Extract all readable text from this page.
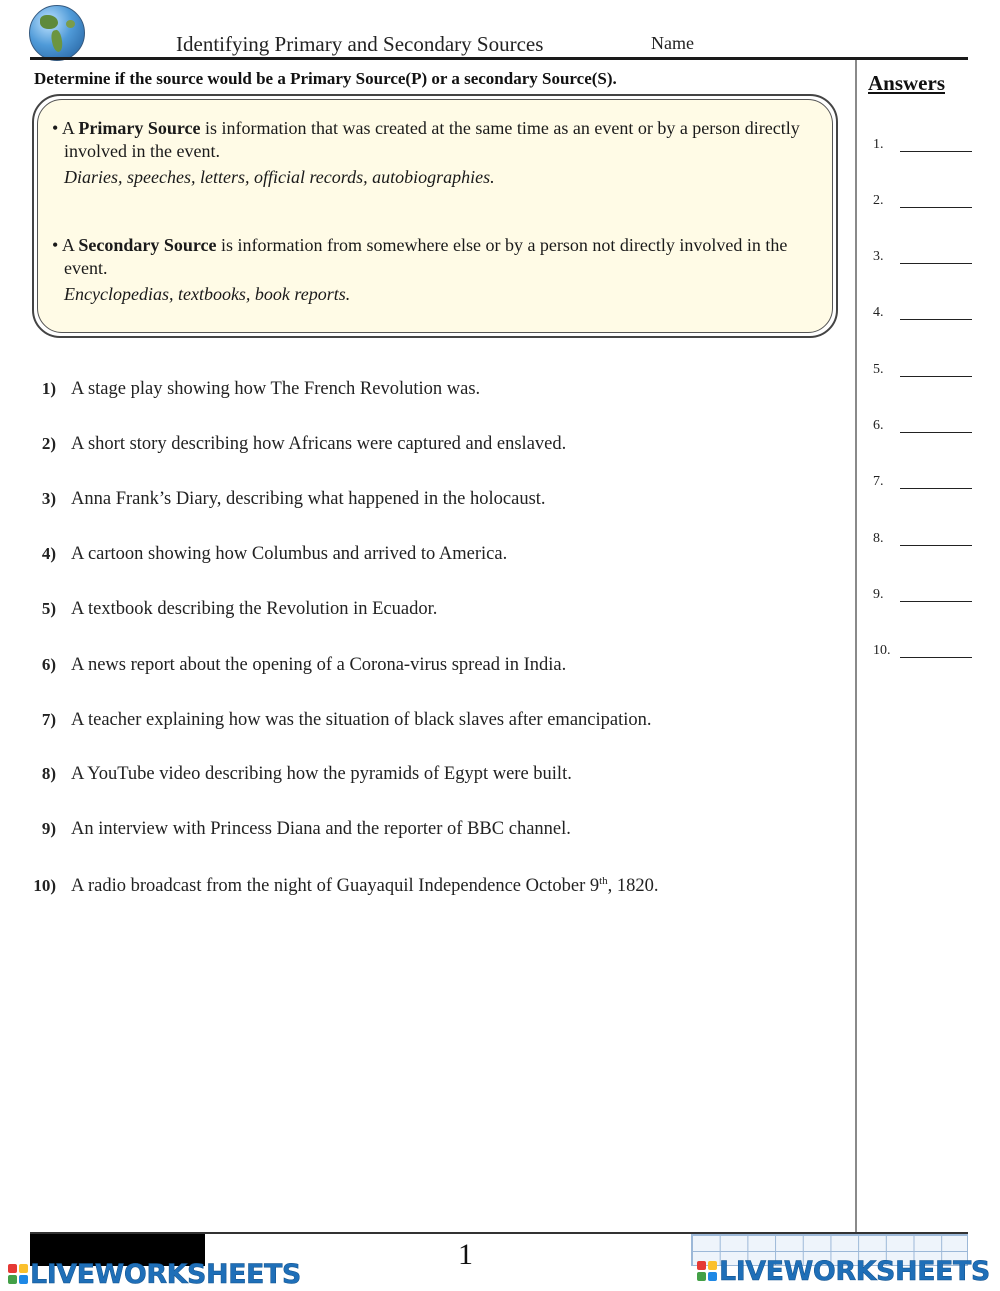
Identifying Primary and Secondary Sources	Name
Determine if the source would be a Primary Source(P) or a secondary Source(S).
• A Primary Source is information that was created at the same time as an event or by a person directly involved in the event.
Diaries, speeches, letters, official records, autobiographies.
• A Secondary Source is information from somewhere else or by a person not directly involved in the event.
Encyclopedias, textbooks, book reports.
1) A stage play showing how The French Revolution was.
2) A short story describing how Africans were captured and enslaved.
3) Anna Frank’s Diary, describing what happened in the holocaust.
4) A cartoon showing how Columbus and arrived to America.
5) A textbook describing the Revolution in Ecuador.
6) A news report about the opening of a Corona-virus spread in India.
7) A teacher explaining how was the situation of black slaves after emancipation.
8) A YouTube video describing how the pyramids of Egypt were built.
9) An interview with Princess Diana and the reporter of BBC channel.
10) A radio broadcast from the night of Guayaquil Independence October 9th, 1820.
Answers
1.
2.
3.
4.
5.
6.
7.
8.
9.
10.
1
LIVEWORKSHEETS	LIVEWORKSHEETS
